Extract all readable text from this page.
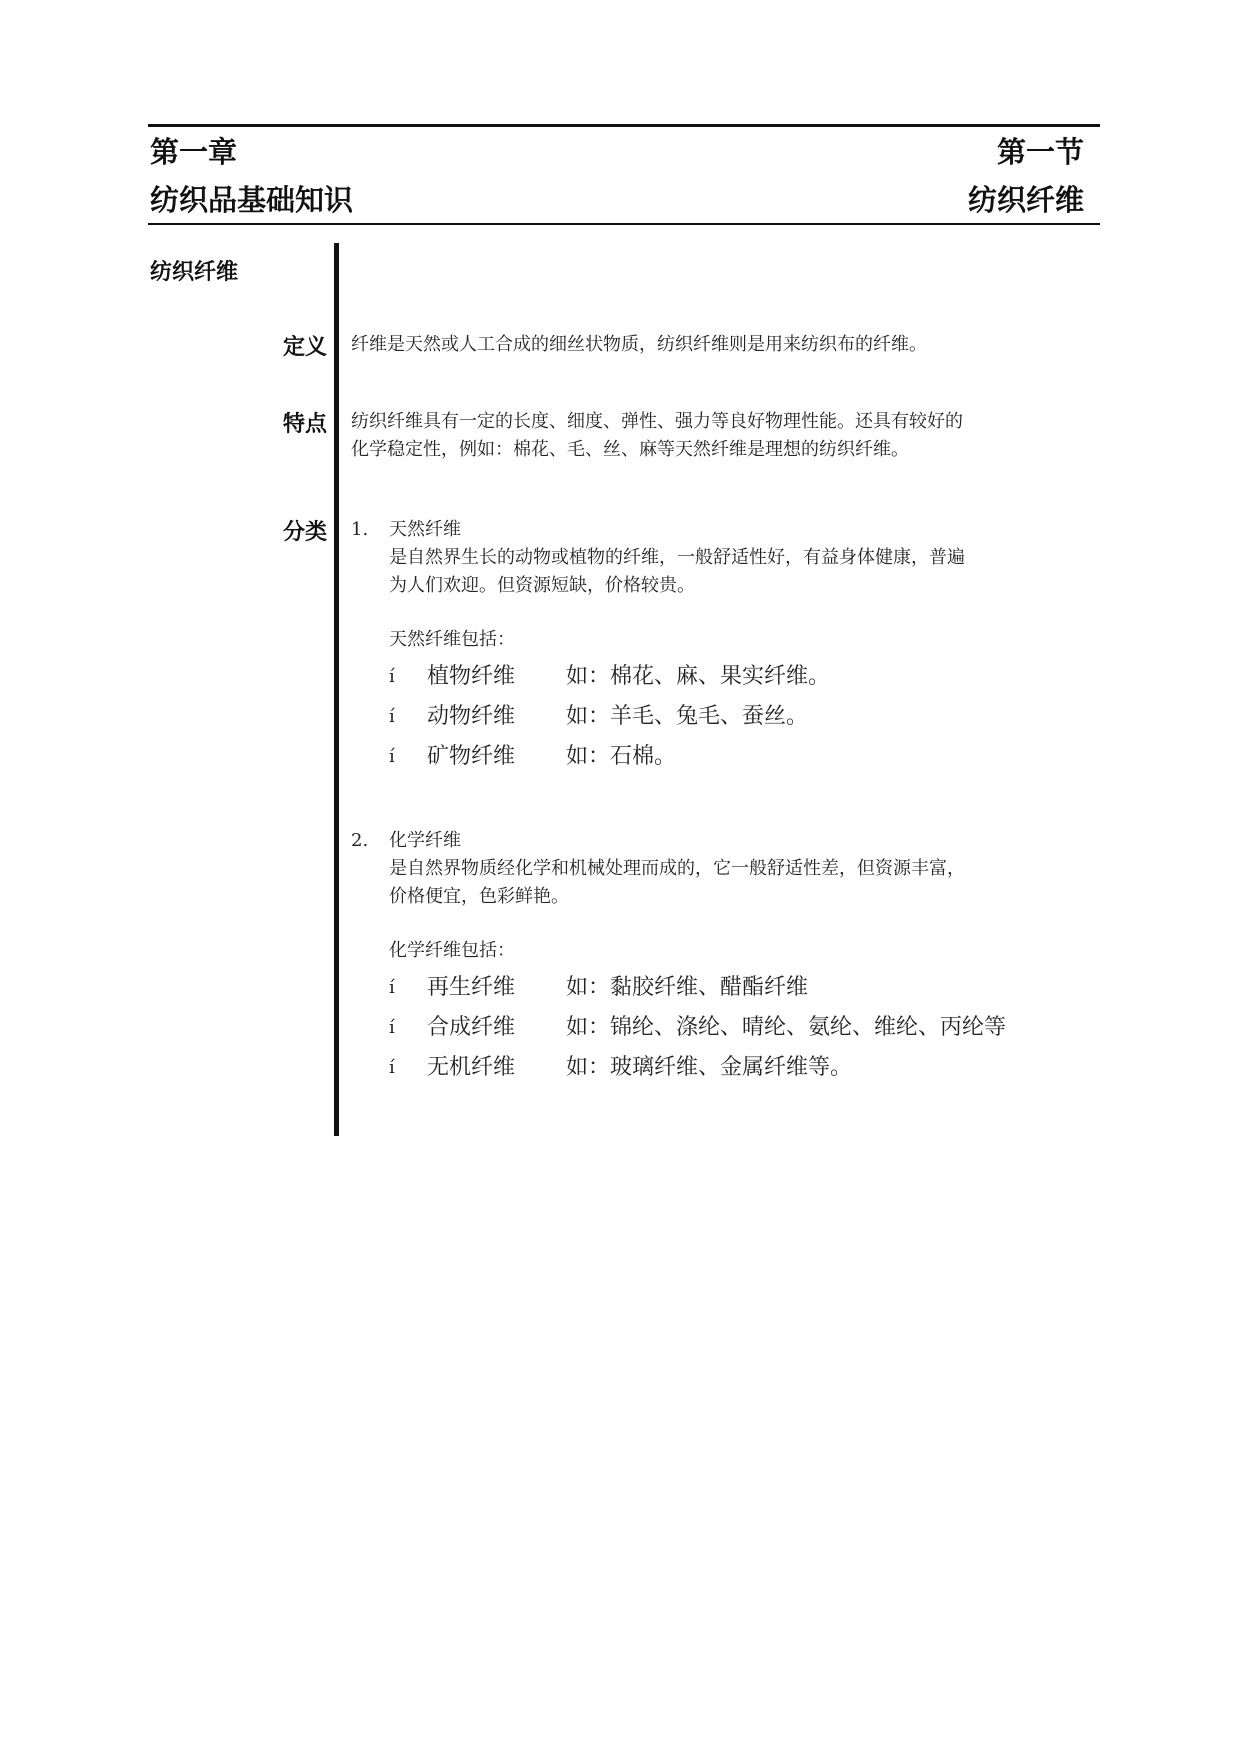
第一章
纺织品基础知识
第一节
纺织纤维
纺织纤维
定义 纤维是天然或人工合成的细丝状物质，纺织纤维则是用来纺织布的纤维。
特点 纺织纤维具有一定的长度、细度、弹性、强力等良好物理性能。还具有较好的
化学稳定性，例如：棉花、毛、丝、麻等天然纤维是理想的纺织纤维。
分类 1. 天然纤维
是自然界生长的动物或植物的纤维，一般舒适性好，有益身体健康，普遍
为人们欢迎。但资源短缺，价格较贵。
天然纤维包括：
í	植物纤维 如：棉花、麻、果实纤维。
í	动物纤维 如：羊毛、兔毛、蚕丝。
í	矿物纤维 如：石棉。
2. 化学纤维
是自然界物质经化学和机械处理而成的，它一般舒适性差，但资源丰富，
价格便宜，色彩鲜艳。
化学纤维包括：
í	再生纤维 如：黏胶纤维、醋酯纤维
í	合成纤维 如：锦纶、涤纶、晴纶、氨纶、维纶、丙纶等
í	无机纤维 如：玻璃纤维、金属纤维等。
